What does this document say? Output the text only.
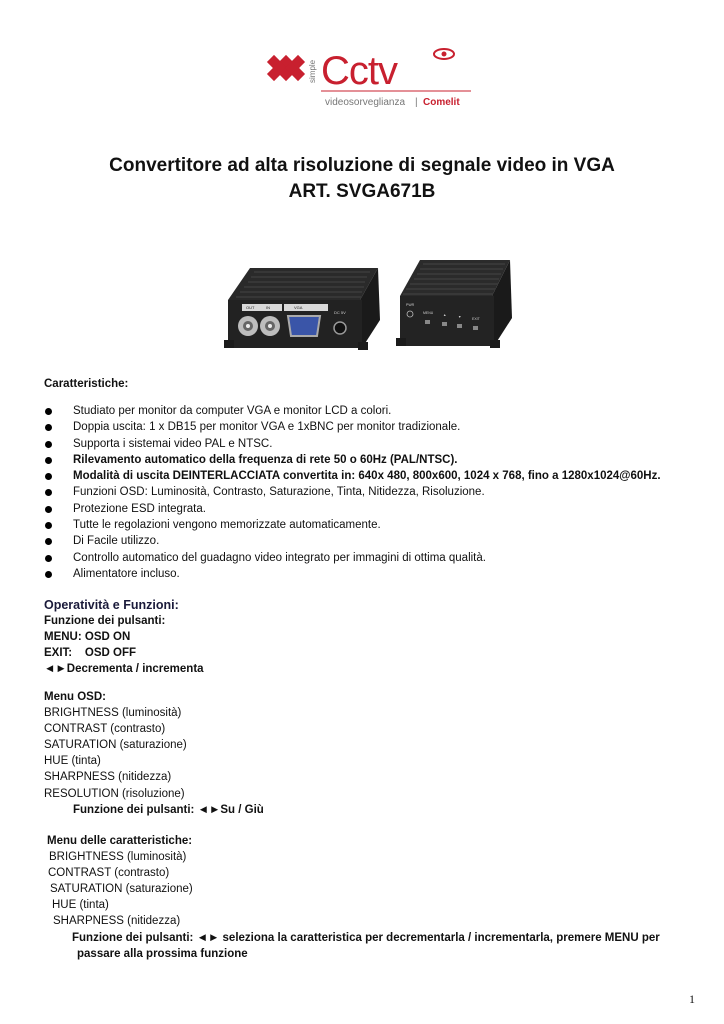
simple Cctv
videosorveglianza | Comelit
Convertitore ad alta risoluzione di segnale video in VGA
ART. SVGA671B
OUT	IN	VGA
DC 5V
PWR
MENU	▲	▼	EXIT
Caratteristiche:
Studiato per monitor da computer VGA e monitor LCD a colori.
Doppia uscita: 1 x DB15 per monitor VGA e 1xBNC per monitor tradizionale.
Supporta i sistemai video PAL e NTSC.
Rilevamento automatico della frequenza di rete 50 o 60Hz (PAL/NTSC).
Modalità di uscita DEINTERLACCIATA convertita in: 640x 480, 800x600, 1024 x 768, fino a 1280x1024@60Hz.
Funzioni OSD: Luminosità, Contrasto, Saturazione, Tinta, Nitidezza, Risoluzione.
Protezione ESD integrata.
Tutte le regolazioni vengono memorizzate automaticamente.
Di Facile utilizzo.
Controllo automatico del guadagno video integrato per immagini di ottima qualità.
Alimentatore incluso.
Operatività e Funzioni:
Funzione dei pulsanti:
MENU: OSD ON
EXIT:    OSD OFF
◄►Decrementa / incrementa
Menu OSD:
BRIGHTNESS (luminosità)
CONTRAST (contrasto)
SATURATION (saturazione)
HUE (tinta)
SHARPNESS (nitidezza)
RESOLUTION (risoluzione)
Funzione dei pulsanti: ◄►Su / Giù
Menu delle caratteristiche:
BRIGHTNESS (luminosità)
CONTRAST (contrasto)
SATURATION (saturazione)
HUE (tinta)
SHARPNESS (nitidezza)
Funzione dei pulsanti: ◄► seleziona la caratteristica per decrementarla / incrementarla, premere MENU per
passare alla prossima funzione
1
